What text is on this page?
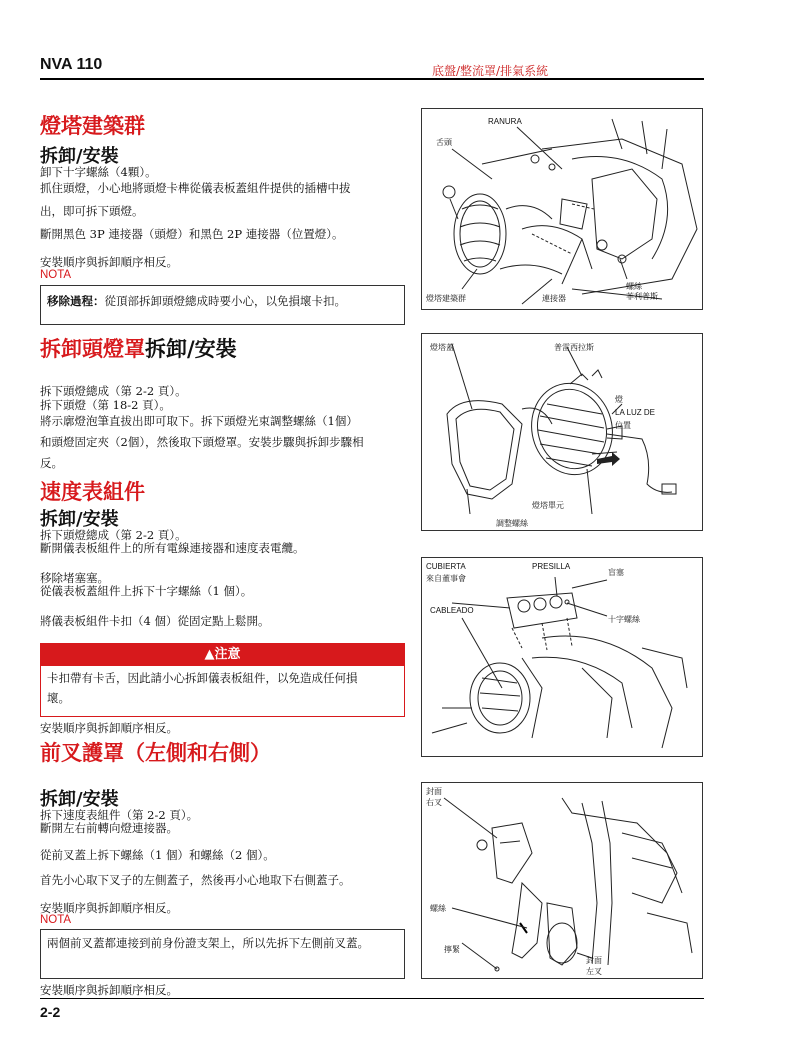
NVA 110	底盤/整流罩/排氣系統
2-2
燈塔建築群
拆卸/安裝
卸下十字螺絲（4顆）。
抓住頭燈，小心地將頭燈卡榫從儀表板蓋組件提供的插槽中拔
出，即可拆下頭燈。
斷開黑色 3P 連接器（頭燈）和黑色 2P 連接器（位置燈）。
安裝順序與拆卸順序相反。
NOTA
移除過程：從頂部拆卸頭燈總成時要小心，以免損壞卡扣。
拆卸頭燈罩拆卸/安裝
拆下頭燈總成（第 2-2 頁）。
拆下頭燈（第 18-2 頁）。
將示廓燈泡筆直拔出即可取下。拆下頭燈光束調整螺絲（1個）
和頭燈固定夾（2個），然後取下頭燈罩。安裝步驟與拆卸步驟相
反。
速度表組件
拆卸/安裝
拆下頭燈總成（第 2-2 頁）。
斷開儀表板組件上的所有電線連接器和速度表電纜。
移除堵塞塞。
從儀表板蓋組件上拆下十字螺絲（1 個）。
將儀表板組件卡扣（4 個）從固定點上鬆開。
▲注意
卡扣帶有卡舌，因此請小心拆卸儀表板組件，以免造成任何損
壞。
安裝順序與拆卸順序相反。
前叉護罩（左側和右側）
拆卸/安裝
拆下速度表組件（第 2-2 頁）。
斷開左右前轉向燈連接器。
從前叉蓋上拆下螺絲（1 個）和螺絲（2 個）。
首先小心取下叉子的左側蓋子，然後再小心地取下右側蓋子。
安裝順序與拆卸順序相反。
NOTA
兩個前叉蓋都連接到前身份證支架上，所以先拆下左側前叉蓋。
安裝順序與拆卸順序相反。
RANURA
舌頭
燈塔建築群	連接器
螺絲
菲利普斯
燈塔蓋	普雷西拉斯
燈
LA LUZ DE
位置
燈塔單元
調整螺絲
CUBIERTA
來自董事會
PRESILLA
盲塞
CABLEADO
十字螺絲
封面
右叉
螺絲
擰緊
封面
左叉
